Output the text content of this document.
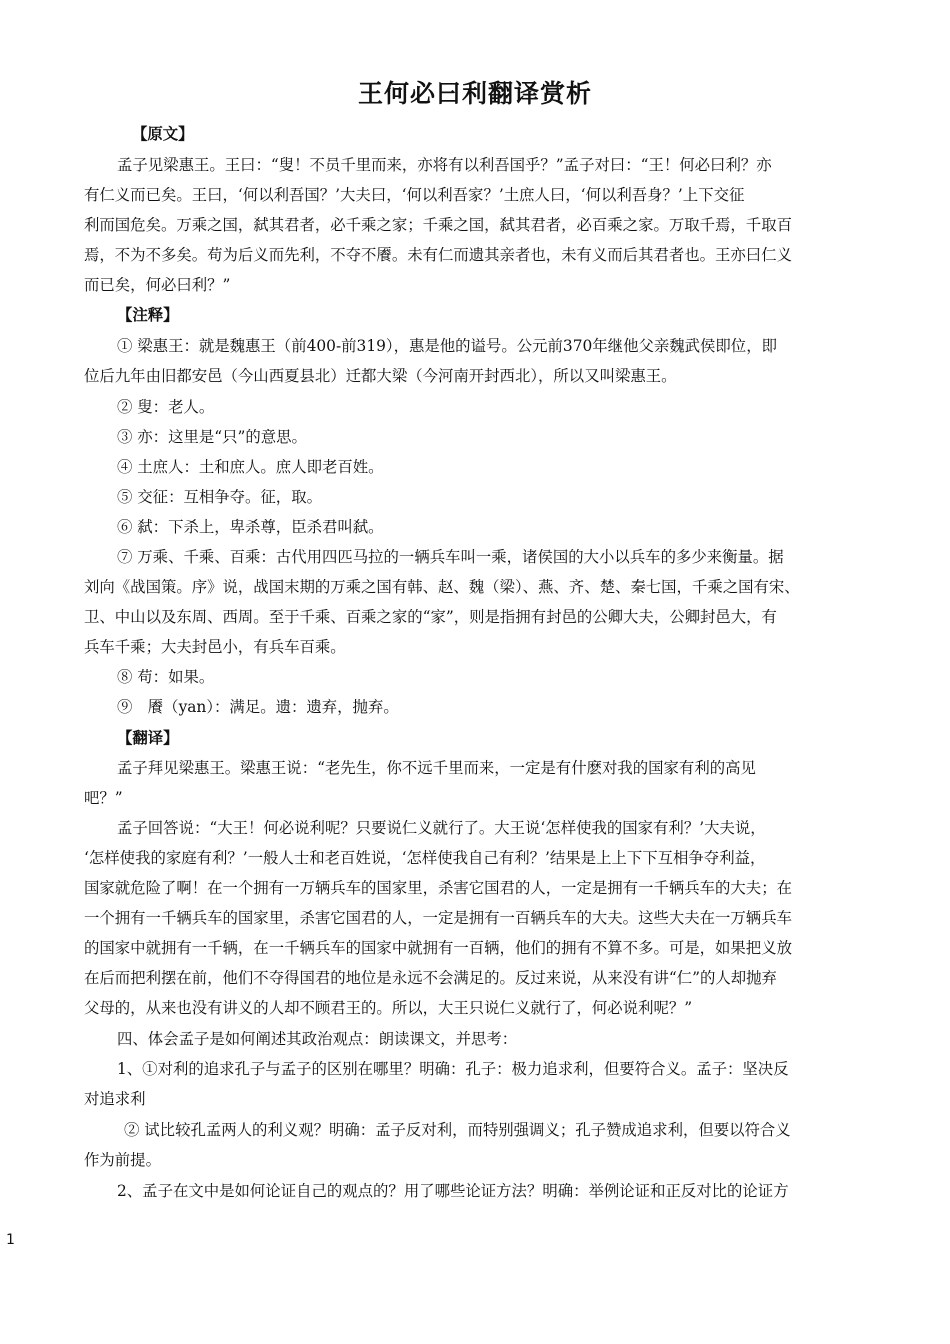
王何必曰利翻译赏析
【原文】
孟子见梁惠王。王曰：“叟！不员千里而来，亦将有以利吾国乎？”孟子对曰：“王！何必曰利？亦
有仁义而已矣。王曰，‘何以利吾国？’大夫曰，‘何以利吾家？’土庶人曰，‘何以利吾身？’上下交征
利而国危矣。万乘之国，弑其君者，必千乘之家；千乘之国，弑其君者，必百乘之家。万取千焉，千取百
焉，不为不多矣。苟为后义而先利，不夺不餍。未有仁而遗其亲者也，未有义而后其君者也。王亦曰仁义
而已矣，何必曰利？”
【注释】
① 梁惠王：就是魏惠王（前400-前319），惠是他的谥号。公元前370年继他父亲魏武侯即位，即
位后九年由旧都安邑（今山西夏县北）迁都大梁（今河南开封西北），所以又叫梁惠王。
② 叟：老人。
③ 亦：这里是“只”的意思。
④ 土庶人：土和庶人。庶人即老百姓。
⑤ 交征：互相争夺。征，取。
⑥ 弑：下杀上，卑杀尊，臣杀君叫弑。
⑦ 万乘、千乘、百乘：古代用四匹马拉的一辆兵车叫一乘，诸侯国的大小以兵车的多少来衡量。据
刘向《战国策。序》说，战国末期的万乘之国有韩、赵、魏（梁）、燕、齐、楚、秦七国，千乘之国有宋、
卫、中山以及东周、西周。至于千乘、百乘之家的“家”，则是指拥有封邑的公卿大夫，公卿封邑大，有
兵车千乘；大夫封邑小，有兵车百乘。
⑧ 苟：如果。
⑨　餍（yan）：满足。遗：遗弃，抛弃。
【翻译】
孟子拜见梁惠王。梁惠王说：“老先生，你不远千里而来，一定是有什麽对我的国家有利的高见
吧？”
孟子回答说：“大王！何必说利呢？只要说仁义就行了。大王说‘怎样使我的国家有利？’大夫说，
‘怎样使我的家庭有利？’一般人士和老百姓说，‘怎样使我自己有利？’结果是上上下下互相争夺利益，
国家就危险了啊！在一个拥有一万辆兵车的国家里，杀害它国君的人，一定是拥有一千辆兵车的大夫；在
一个拥有一千辆兵车的国家里，杀害它国君的人，一定是拥有一百辆兵车的大夫。这些大夫在一万辆兵车
的国家中就拥有一千辆，在一千辆兵车的国家中就拥有一百辆，他们的拥有不算不多。可是，如果把义放
在后而把利摆在前，他们不夺得国君的地位是永远不会满足的。反过来说，从来没有讲“仁”的人却抛弃
父母的，从来也没有讲义的人却不顾君王的。所以，大王只说仁义就行了，何必说利呢？”
四、体会孟子是如何阐述其政治观点：朗读课文，并思考：
1、①对利的追求孔子与孟子的区别在哪里？明确：孔子：极力追求利，但要符合义。孟子：坚决反
对追求利
② 试比较孔孟两人的利义观？明确：孟子反对利，而特别强调义；孔子赞成追求利，但要以符合义
作为前提。
2、孟子在文中是如何论证自己的观点的？用了哪些论证方法？明确：举例论证和正反对比的论证方
1
